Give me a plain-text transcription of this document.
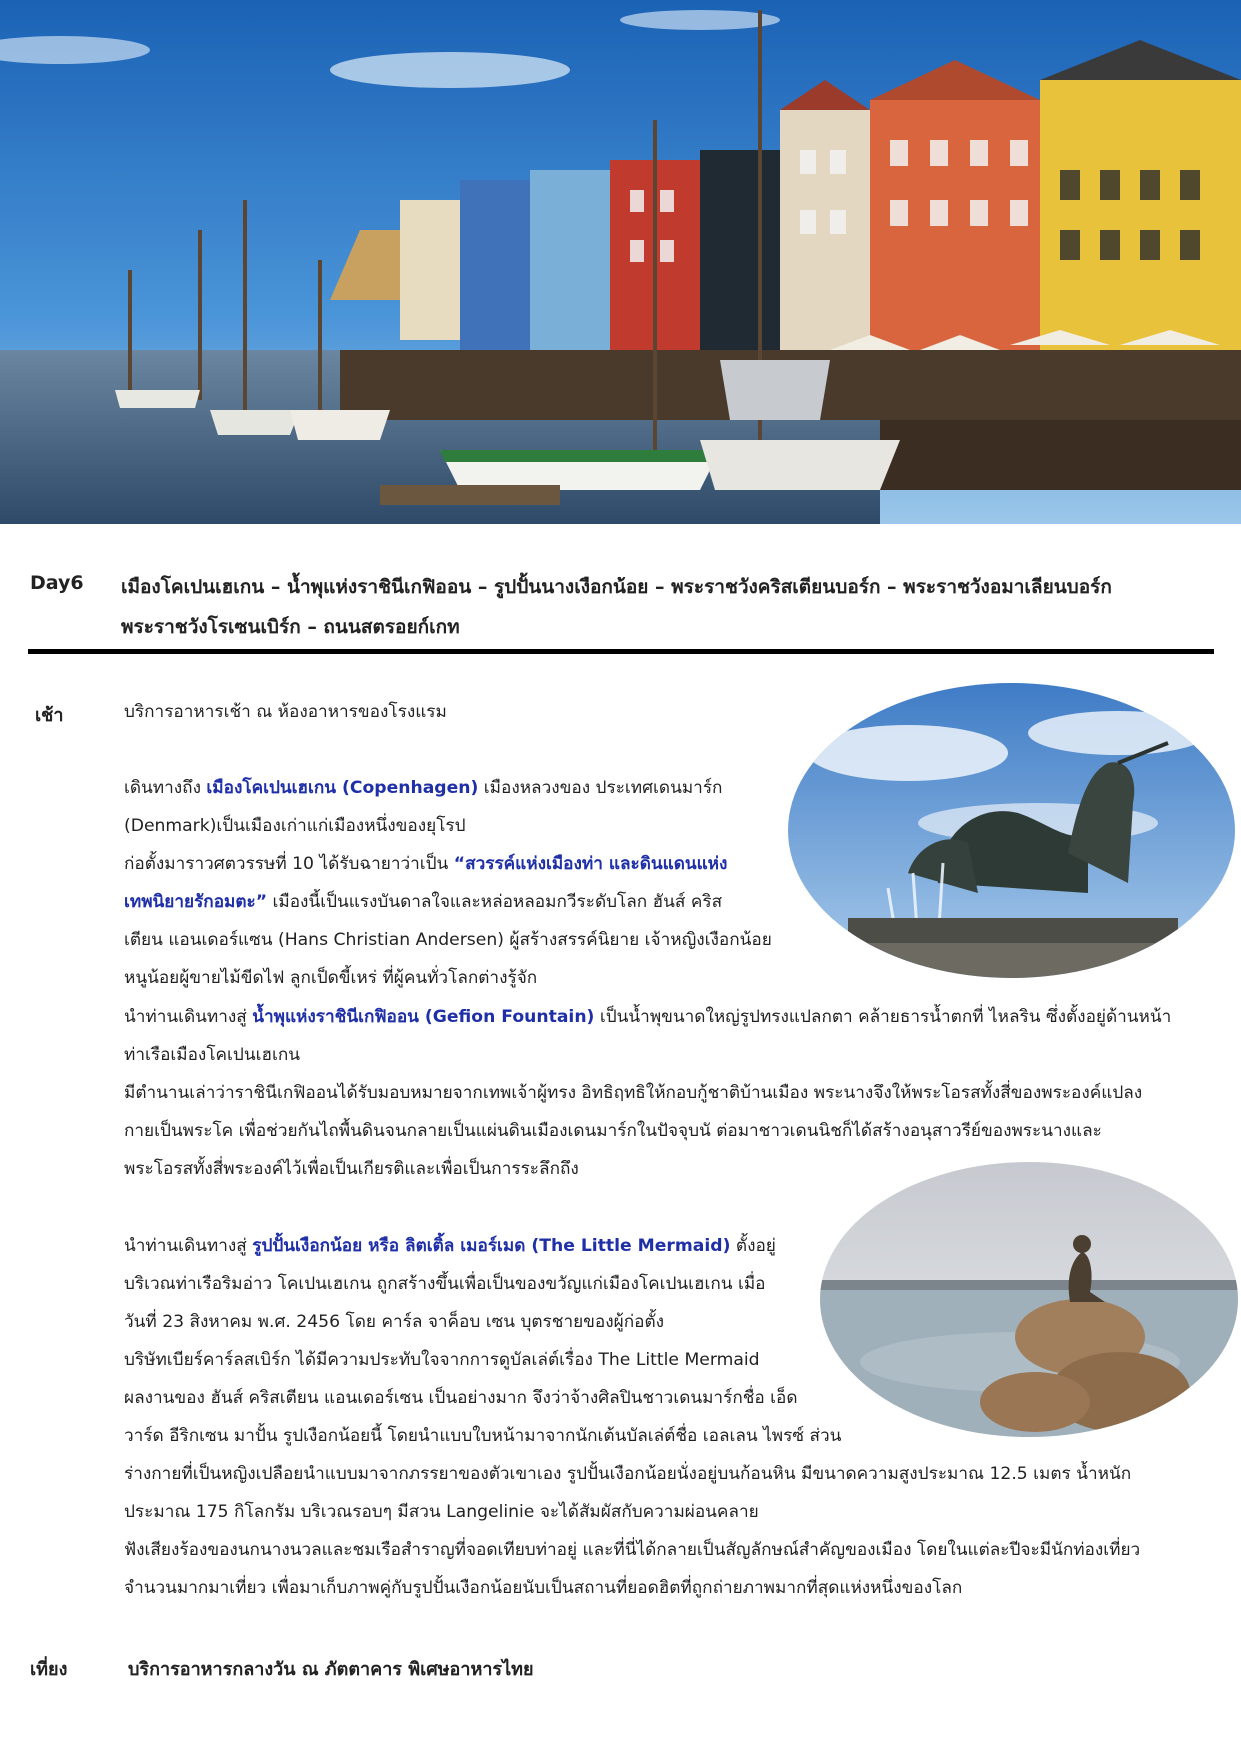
Day6 เมืองโคเปนเฮเกน – น้ำพุแห่งราชินีเกฟิออน – รูปปั้นนางเงือกน้อย – พระราชวังคริสเตียนบอร์ก – พระราชวังอมาเลียนบอร์ก
พระราชวังโรเซนเบิร์ก – ถนนสตรอยก์เกท
เช้า	บริการอาหารเช้า ณ ห้องอาหารของโรงแรม
เดินทางถึง เมืองโคเปนเฮเกน (Copenhagen) เมืองหลวงของ ประเทศเดนมาร์ก
(Denmark)เป็นเมืองเก่าแก่เมืองหนึ่งของยุโรป
ก่อตั้งมาราวศตวรรษที่ 10 ได้รับฉายาว่าเป็น “สวรรค์แห่งเมืองท่า และดินแดนแห่ง
เทพนิยายรักอมตะ” เมืองนี้เป็นแรงบันดาลใจและหล่อหลอมกวีระดับโลก ฮันส์ คริส
เตียน แอนเดอร์แซน (Hans Christian Andersen) ผู้สร้างสรรค์นิยาย เจ้าหญิงเงือกน้อย
หนูน้อยผู้ขายไม้ขีดไฟ ลูกเป็ดขี้เหร่ ที่ผู้คนทั่วโลกต่างรู้จัก
นำท่านเดินทางสู่ น้ำพุแห่งราชินีเกฟิออน (Gefion Fountain) เป็นน้ำพุขนาดใหญ่รูปทรงแปลกตา คล้ายธารน้ำตกที่ ไหลริน ซึ่งตั้งอยู่ด้านหน้า
ท่าเรือเมืองโคเปนเฮเกน
มีตำนานเล่าว่าราชินีเกฟิออนได้รับมอบหมายจากเทพเจ้าผู้ทรง อิทธิฤทธิให้กอบกู้ชาติบ้านเมือง พระนางจึงให้พระโอรสทั้งสี่ของพระองค์แปลง
กายเป็นพระโค เพื่อช่วยกันไถพื้นดินจนกลายเป็นแผ่นดินเมืองเดนมาร์กในปัจจุบนั ต่อมาชาวเดนนิชก็ได้สร้างอนุสาวรีย์ของพระนางและ
พระโอรสทั้งสี่พระองค์ไว้เพื่อเป็นเกียรติและเพื่อเป็นการระลึกถึง
นำท่านเดินทางสู่ รูปปั้นเงือกน้อย หรือ ลิตเติ้ล เมอร์เมด (The Little Mermaid) ตั้งอยู่
บริเวณท่าเรือริมอ่าว โคเปนเฮเกน ถูกสร้างขึ้นเพื่อเป็นของขวัญแก่เมืองโคเปนเฮเกน เมื่อ
วันที่ 23 สิงหาคม พ.ศ. 2456 โดย คาร์ล จาค็อบ เซน บุตรชายของผู้ก่อตั้ง
บริษัทเบียร์คาร์ลสเบิร์ก ได้มีความประทับใจจากการดูบัลเล่ต์เรื่อง The Little Mermaid
ผลงานของ ฮันส์ คริสเตียน แอนเดอร์เซน เป็นอย่างมาก จึงว่าจ้างศิลปินชาวเดนมาร์กชื่อ เอ็ด
วาร์ด อีริกเซน มาปั้น รูปเงือกน้อยนี้ โดยนำแบบใบหน้ามาจากนักเต้นบัลเล่ต์ชื่อ เอลเลน ไพรซ์ ส่วน
ร่างกายที่เป็นหญิงเปลือยนำแบบมาจากภรรยาของตัวเขาเอง รูปปั้นเงือกน้อยนั่งอยู่บนก้อนหิน มีขนาดความสูงประมาณ 12.5 เมตร น้ำหนัก
ประมาณ 175 กิโลกรัม บริเวณรอบๆ มีสวน Langelinie จะได้สัมผัสกับความผ่อนคลาย
ฟังเสียงร้องของนกนางนวลและชมเรือสำราญที่จอดเทียบท่าอยู่ และที่นี่ได้กลายเป็นสัญลักษณ์สำคัญของเมือง โดยในแต่ละปีจะมีนักท่องเที่ยว
จำนวนมากมาเที่ยว เพื่อมาเก็บภาพคู่กับรูปปั้นเงือกน้อยนับเป็นสถานที่ยอดฮิตที่ถูกถ่ายภาพมากที่สุดแห่งหนึ่งของโลก
เที่ยง	บริการอาหารกลางวัน ณ ภัตตาคาร พิเศษอาหารไทย
